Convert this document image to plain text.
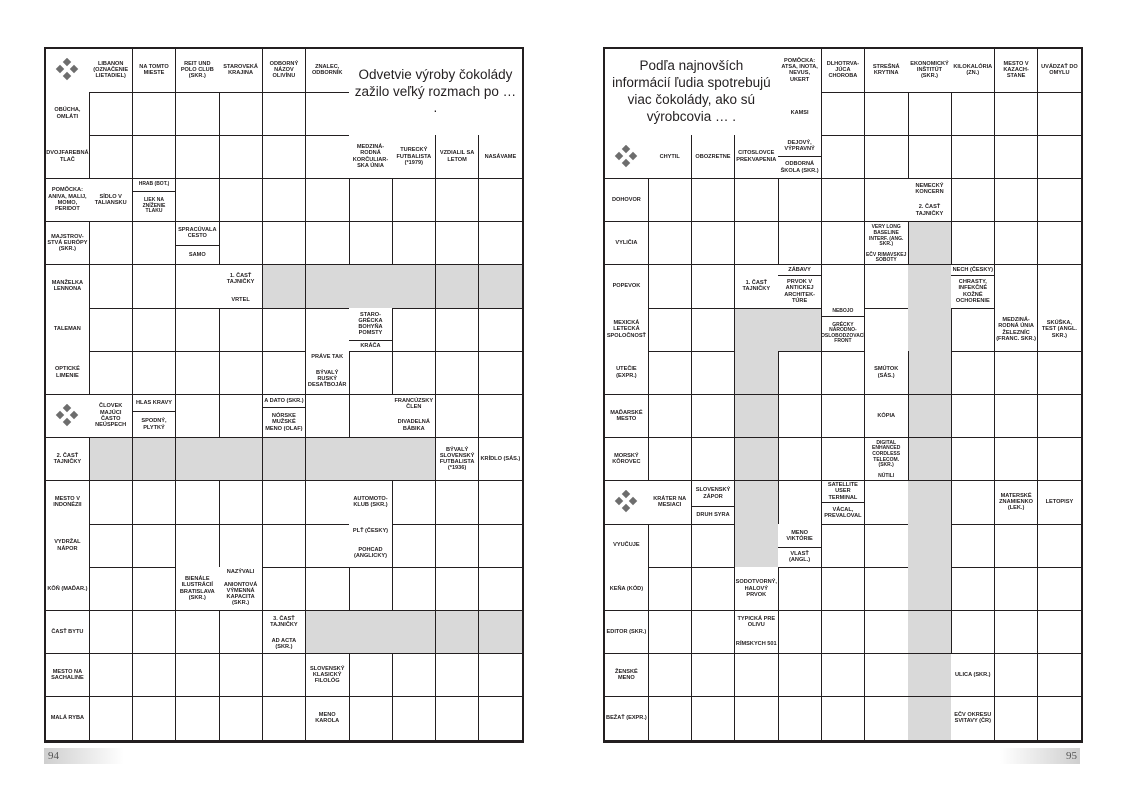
LIBANON (OZNAČENIE LIETADIEL)
NA TOMTO MIESTE
REIT UND POLO CLUB (SKR.)
STAROVEKÁ KRAJINA
ODBORNÝ NÁZOV OLIVÍNU
ZNALEC, ODBORNÍK	Odvetvie výroby čokolády zažilo veľký rozmach po … .
OBÚCHA, OMLÁTI
DVOJFAREBNÁ TLAČ
POMÔCKA: ANIVA, MALIJ, MOMO, PERIDOT
MAJSTROV-STVÁ EURÓPY (SKR.)
MANŽELKA LENNONA
TALEMAN
OPTICKÉ LIMENIE
2. ČASŤ TAJNIČKY
MESTO V INDONÉZII
VYDRŽAL NÁPOR
KŌŇ (MAĎAR.)
ČASŤ BYTU
MESTO NA SACHALINE
MALÁ RYBA
MEDZINÁ-RODNÁ KORČULIAR-SKA ÚNIA
TURECKÝ FUTBALISTA (*1979)
VZDIALIL SA LETOM
NASÁVAME
SÍDLO V TALIANSKU
HRAB (BOT.)
LIEK NA ZNÍŽENIE TLAKU
SPRACÚVALA CESTO
SAMO
1. ČASŤ TAJNIČKY
VRTEL
STARO-GRÉCKA BOHYŇA POMSTY
KRÁČA
PRÁVE TAK
BÝVALÝ RUSKÝ DESAŤBOJÁR
ČLOVEK MAJÚCI ČASTO NEÚSPECH
HLAS KRAVY
SPODNÝ, PLYTKÝ
A DATO (SKR.)
NÓRSKE MUŽSKÉ MENO (OLAF)
FRANCÚZSKY ČLEN
DIVADELNÁ BÁBIKA
BÝVALÝ SLOVENSKÝ FUTBALISTA (*1936)
KRÍDLO (SÁS.)
AUTOMOTO-KLUB (SKR.)
PLŤ (ČESKY)
POHCAD (ANGLICKY)
BIENÁLE ILUSTRÁCIÍ BRATISLAVA (SKR.)
NAZÝVALI
ANIONTOVÁ VÝMENNÁ KAPACITA (SKR.)
3. ČASŤ TAJNIČKY
AD ACTA (SKR.)
SLOVENSKÝ KLASICKÝ FILOLÓG
MENO KAROLA
94
Podľa najnovších informácií ľudia spotrebujú viac čokolády, ako sú výrobcovia … .
POMÔCKA: ATSA, INOTA, NEVUS, UKERT
DLHOTRVA-JÚCA CHOROBA
STREŠNÁ KRYTINA
EKONOMICKÝ INŠTITÚT (SKR.)
KILOKALÓRIA (ZN.)
MESTO V KAZACH-STANE
UVÁDZAŤ DO OMYLU
KAMSI
CHYTIL	OBOZRETNE
CITOSLOVCE PREKVAPENIA
DEJOVÝ, VÝPRAVNÝ
ODBORNÁ ŠKOLA (SKR.)
DOHOVOR
VYLIČIA
POPEVOK
MEXICKÁ LETECKÁ SPOLOČNOSŤ
UTEČIE (EXPR.)
MAĎARSKÉ MESTO
MORSKÝ KÔROVEC
VYUČUJE
KEŇA (KÓD)
EDITOR (SKR.)
ŽENSKÉ MENO
BEŽAŤ (EXPR.)
NEMECKÝ KONCERN
2. ČASŤ TAJNIČKY
VERY LONG BASELINE INTERF. (ANG. SKR.)
EČV RIMAVSKEJ SOBOTY
1. ČASŤ TAJNIČKY
ZÁBAVY
PRVOK V ANTICKEJ ARCHITEK-TÚRE
NECH (ČESKY)
CHRASTY, INFEKČNÉ KOŽNÉ OCHORENIE
NEBOJO
GRÉCKY NÁRODNO-OSLOBODZOVACÍ FRONT
MEDZINÁ-RODNÁ ÚNIA ŽELEZNÍC (FRANC. SKR.)
SKÚŠKA, TEST (ANGL. SKR.)
SMÚTOK (SÁS.)
KÓPIA
DIGITAL ENHANCED CORDLESS TELECOM. (SKR.)
NÚTILI
KRÁTER NA MESIACI
SLOVENSKÝ ZÁPOR
DRUH SYRA
SATELLITE USER TERMINAL
VÁCAL, PREVALOVAL
MATERSKÉ ZNAMIENKO (LEK.)
LETOPISY
MENO VIKTÓRIE
VLASŤ (ANGL.)
SODOTVORNÝ, HALOVÝ PRVOK
TYPICKÁ PRE OLIVU
RÍMSKYCH 501
ULICA (SKR.)
EČV OKRESU SVITAVY (ČR)
95
